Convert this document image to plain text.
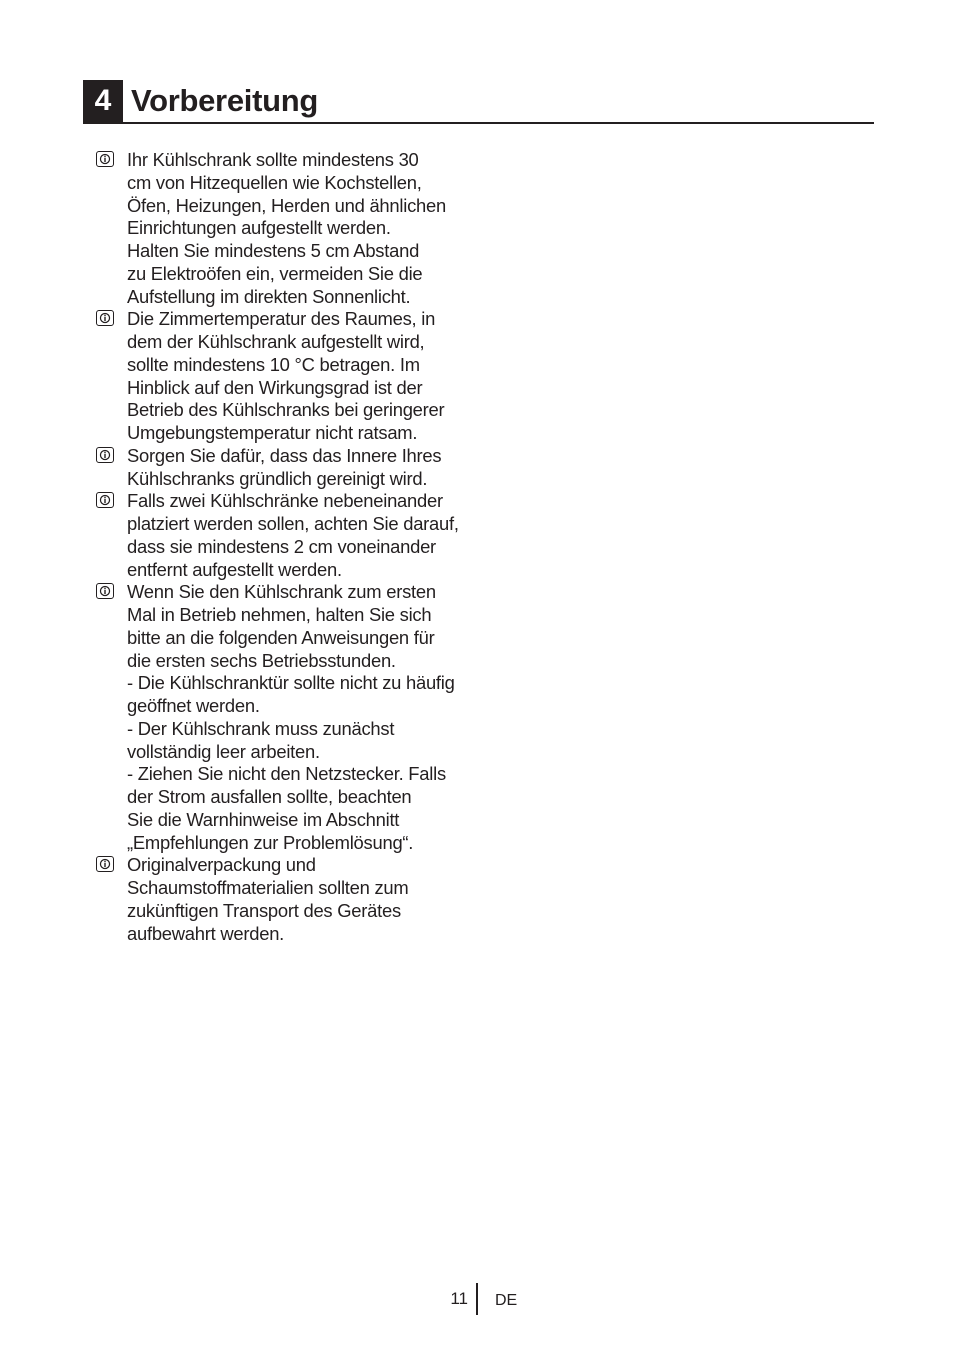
4 Vorbereitung
Ihr Kühlschrank sollte mindestens 30
cm von Hitzequellen wie Kochstellen,
Öfen, Heizungen, Herden und ähnlichen
Einrichtungen aufgestellt werden.
Halten Sie mindestens 5 cm Abstand
zu Elektroöfen ein, vermeiden Sie die
Aufstellung im direkten Sonnenlicht.
Die Zimmertemperatur des Raumes, in
dem der Kühlschrank aufgestellt wird,
sollte mindestens 10 °C betragen. Im
Hinblick auf den Wirkungsgrad ist der
Betrieb des Kühlschranks bei geringerer
Umgebungstemperatur nicht ratsam.
Sorgen Sie dafür, dass das Innere Ihres
Kühlschranks gründlich gereinigt wird.
Falls zwei Kühlschränke nebeneinander
platziert werden sollen, achten Sie darauf,
dass sie mindestens 2 cm voneinander
entfernt aufgestellt werden.
Wenn Sie den Kühlschrank zum ersten
Mal in Betrieb nehmen, halten Sie sich
bitte an die folgenden Anweisungen für
die ersten sechs Betriebsstunden.
- Die Kühlschranktür sollte nicht zu häufig
geöffnet werden.
- Der Kühlschrank muss zunächst
vollständig leer arbeiten.
- Ziehen Sie nicht den Netzstecker. Falls
der Strom ausfallen sollte, beachten
Sie die Warnhinweise im Abschnitt
„Empfehlungen zur Problemlösung“.
Originalverpackung und
Schaumstoffmaterialien sollten zum
zukünftigen Transport des Gerätes
aufbewahrt werden.
11 DE
